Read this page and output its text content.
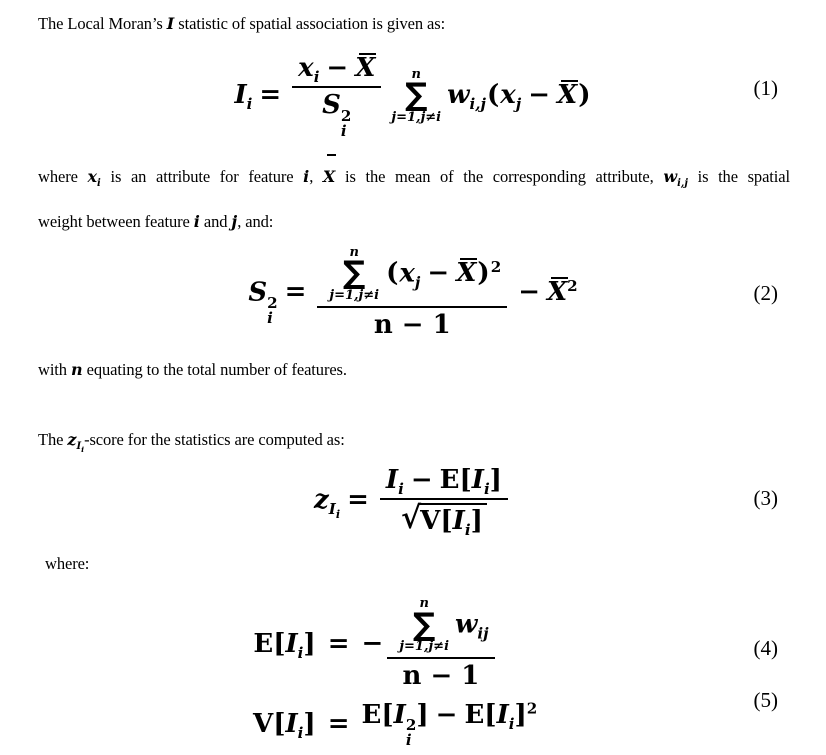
The Local Moran’s I statistic of spatial association is given as:
$I_i = x_i - X$
S 2
i n
∑
j=1,j≠i
$w_{i,j}(x_j - X)$	(1)
where $x_i$ is an attribute for feature i, X is the mean of the corresponding attribute, $w_{i,j}$ is the spatial
weight between feature i and j, and:
S 2
i
= n
∑
j=1,j≠i
$(x_j - X)^2$
$n - 1 - X^2$	(2)
with n equating to the total number of features.
The $z_{I_i}$-score for the statistics are computed as:
$z_{I_i} = \frac{I_i - E[I_i]}{√ V[I_i]}$	(3)
where:
$E[I_i]$ = − n
∑
j=1,j≠i
$w_{ij}$
n − 1
$V[I_i] = E[I$ 2
i
] − $E[I_i]^2$
(4)
(5)
